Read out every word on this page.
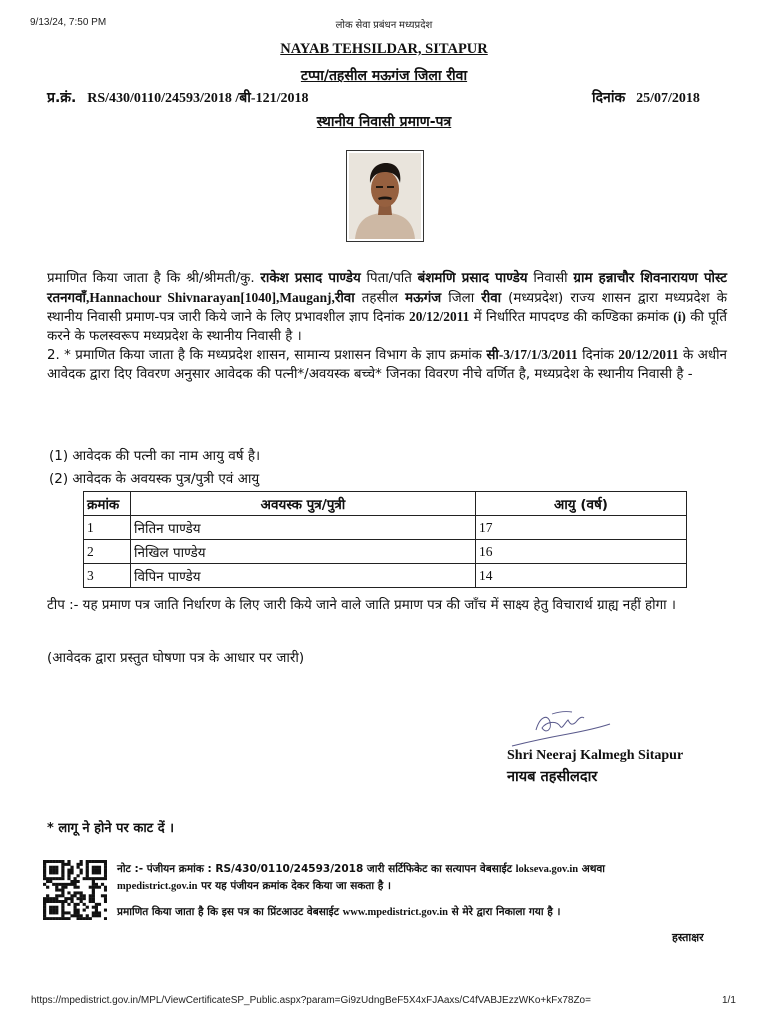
9/13/24, 7:50 PM	लोक सेवा प्रबंधन मध्यप्रदेश
NAYAB TEHSILDAR, SITAPUR
टप्पा/तहसील मऊगंज जिला रीवा
प्र.क्रं. RS/430/0110/24593/2018 /बी-121/2018	दिनांक 25/07/2018
स्थानीय निवासी प्रमाण-पत्र

प्रमाणित किया जाता है कि श्री/श्रीमती/कु. राकेश प्रसाद पाण्डेय पिता/पति बंशमणि प्रसाद पाण्डेय निवासी ग्राम हन्नाचौर शिवनारायण पोस्ट रतनगवाँ,Hannachour Shivnarayan[1040],Mauganj,रीवा तहसील मऊगंज जिला रीवा (मध्यप्रदेश) राज्य शासन द्वारा मध्यप्रदेश के स्थानीय निवासी प्रमाण-पत्र जारी किये जाने के लिए प्रभावशील ज्ञाप दिनांक 20/12/2011 में निर्धारित मापदण्ड की कण्डिका क्रमांक (i) की पूर्ति करने के फलस्वरूप मध्यप्रदेश के स्थानीय निवासी है ।

2. * प्रमाणित किया जाता है कि मध्यप्रदेश शासन, सामान्य प्रशासन विभाग के ज्ञाप क्रमांक सी-3/17/1/3/2011 दिनांक 20/12/2011 के अधीन आवेदक द्वारा दिए विवरण अनुसार आवेदक की पत्नी*/अवयस्क बच्चे* जिनका विवरण नीचे वर्णित है, मध्यप्रदेश के स्थानीय निवासी है -

(1) आवेदक की पत्नी का नाम आयु वर्ष है।
(2) आवेदक के अवयस्क पुत्र/पुत्री एवं आयु
क्रमांक	अवयस्क पुत्र/पुत्री	आयु (वर्ष)
1	नितिन पाण्डेय	17
2	निखिल पाण्डेय	16
3	विपिन पाण्डेय	14
टीप :- यह प्रमाण पत्र जाति निर्धारण के लिए जारी किये जाने वाले जाति प्रमाण पत्र की जाँच में साक्ष्य हेतु विचारार्थ ग्राह्य नहीं होगा ।
(आवेदक द्वारा प्रस्तुत घोषणा पत्र के आधार पर जारी)
Shri Neeraj Kalmegh Sitapur
नायब तहसीलदार
* लागू ने होने पर काट दें ।
नोट :- पंजीयन क्रमांक : RS/430/0110/24593/2018 जारी सर्टिफिकेट का सत्यापन वेबसाईट lokseva.gov.in अथवा
mpedistrict.gov.in पर यह पंजीयन क्रमांक देकर किया जा सकता है ।
प्रमाणित किया जाता है कि इस पत्र का प्रिंटआउट वेबसाईट www.mpedistrict.gov.in से मेरे द्वारा निकाला गया है ।
हस्ताक्षर
https://mpedistrict.gov.in/MPL/ViewCertificateSP_Public.aspx?param=Gi9zUdngBeF5X4xFJAaxs/C4fVABJEzzWKo+kFx78Zo=	1/1
